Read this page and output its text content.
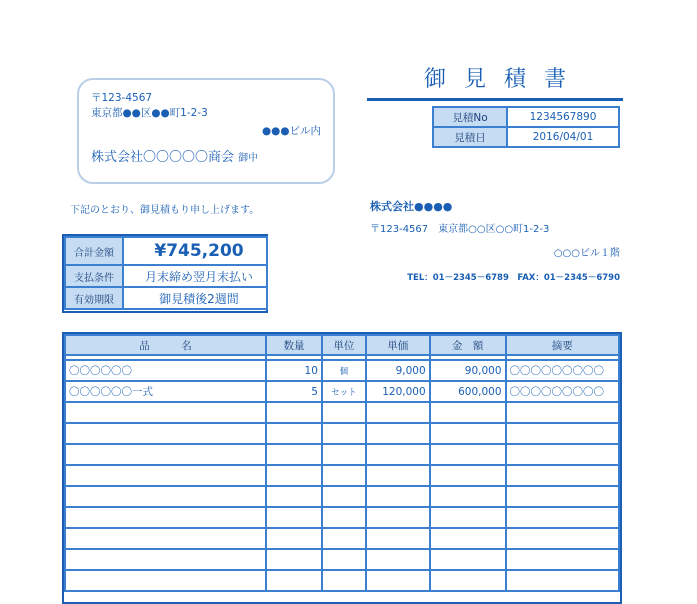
〒123-4567
東京都●●区●●町1-2-3
●●●ビル内
株式会社〇〇〇〇〇商会 御中
御見積書
見積No	1234567890
見積日	2016/04/01
下記のとおり、御見積もり申し上げます。	株式会社●●●●
〒123-4567　東京都○○区○○町1-2-3
○○○ビル１階
TEL：01－2345－6789　FAX：01－2345－6790
合計金額	¥745,200
支払条件	月末締め翌月末払い
有効期限	御見積後2週間
品　　　名	数量	単位	単価	金　額	摘要

〇〇〇〇〇〇	10	個	9,000	90,000	〇〇〇〇〇〇〇〇〇
〇〇〇〇〇〇一式	5	セット	120,000	600,000	〇〇〇〇〇〇〇〇〇
